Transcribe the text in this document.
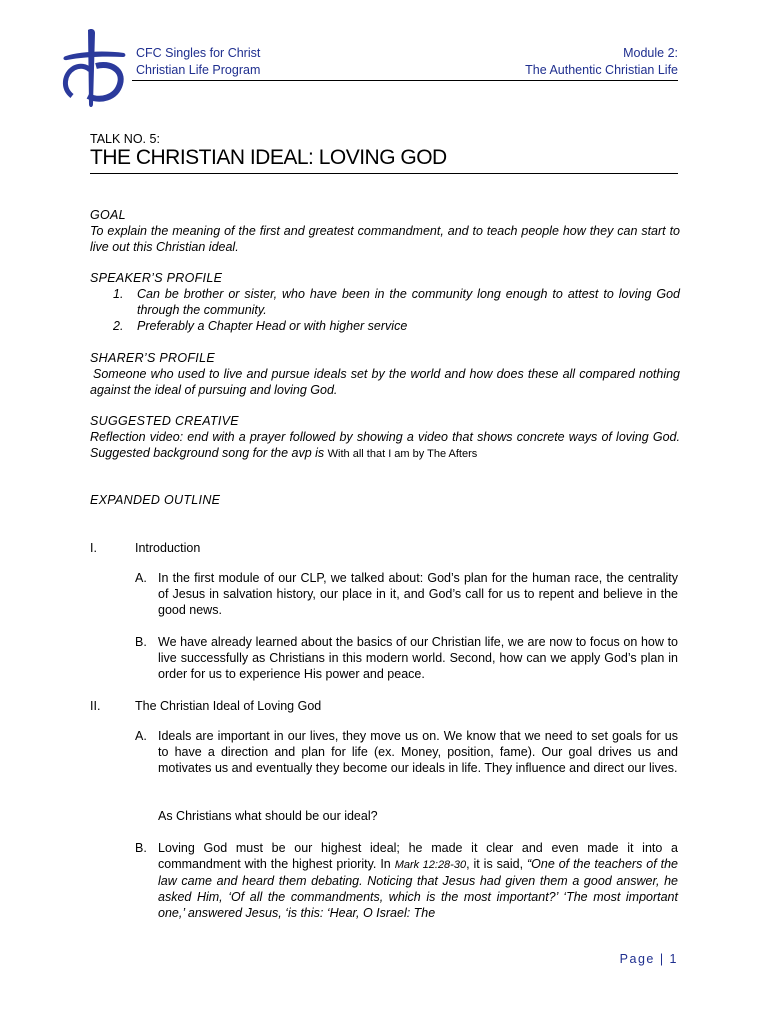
CFC Singles for Christ
Christian Life Program
Module 2:
The Authentic Christian Life
TALK NO. 5:
THE CHRISTIAN IDEAL: LOVING GOD
GOAL
To explain the meaning of the first and greatest commandment, and to teach people how they can start to live out this Christian ideal.
SPEAKER’S PROFILE
1. Can be brother or sister, who have been in the community long enough to attest to loving God through the community.
2. Preferably a Chapter Head or with higher service
SHARER’S PROFILE
Someone who used to live and pursue ideals set by the world and how does these all compared nothing against the ideal of pursuing and loving God.
SUGGESTED CREATIVE
Reflection video: end with a prayer followed by showing a video that shows concrete ways of loving God. Suggested background song for the avp is With all that I am by The Afters
EXPANDED OUTLINE
I.	Introduction
A. In the first module of our CLP, we talked about: God’s plan for the human race, the centrality of Jesus in salvation history, our place in it, and God’s call for us to repent and believe in the good news.
B. We have already learned about the basics of our Christian life, we are now to focus on how to live successfully as Christians in this modern world. Second, how can we apply God’s plan in order for us to experience His power and peace.
II.	The Christian Ideal of Loving God
A. Ideals are important in our lives, they move us on. We know that we need to set goals for us to have a direction and plan for life (ex. Money, position, fame). Our goal drives us and motivates us and eventually they become our ideals in life. They influence and direct our lives.
As Christians what should be our ideal?
B. Loving God must be our highest ideal; he made it clear and even made it into a commandment with the highest priority. In Mark 12:28-30, it is said, “One of the teachers of the law came and heard them debating. Noticing that Jesus had given them a good answer, he asked Him, ‘Of all the commandments, which is the most important?’ ‘The most important one,’ answered Jesus, ‘is this: ‘Hear, O Israel: The
Page | 1
